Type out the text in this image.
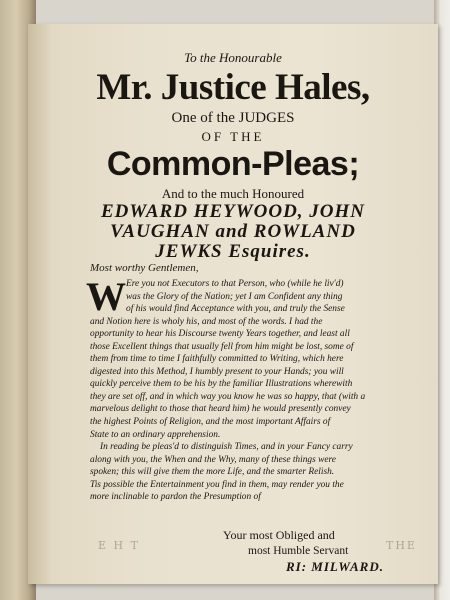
To the Honourable
Mr. Justice Hales,
One of the JUDGES
OF THE
Common-Pleas;
And to the much Honoured
EDWARD HEYWOOD, JOHN
VAUGHAN and ROWLAND
JEWKS Esquires.
Most worthy Gentlemen,
W Ere you not Executors to that Person, who (while he liv'd)
was the Glory of the Nation; yet I am Confident any thing
of his would find Acceptance with you, and truly the Sense
and Notion here is wholy his, and most of the words. I had the
opportunity to hear his Discourse twenty Years together, and least all
those Excellent things that usually fell from him might be lost, some of
them from time to time I faithfully committed to Writing, which here
digested into this Method, I humbly present to your Hands; you will
quickly perceive them to be his by the familiar Illustrations wherewith
they are set off, and in which way you know he was so happy, that (with a
marvelous delight to those that heard him) he would presently convey
the highest Points of Religion, and the most important Affairs of
State to an ordinary apprehension.
In reading be pleas'd to distinguish Times, and in your Fancy carry
along with you, the When and the Why, many of these things were
spoken; this will give them the more Life, and the smarter Relish.
Tis possible the Entertainment you find in them, may render you the
more inclinable to pardon the Presumption of
E H T	THE
Your most Obliged and
most Humble Servant
RI: MILWARD.
